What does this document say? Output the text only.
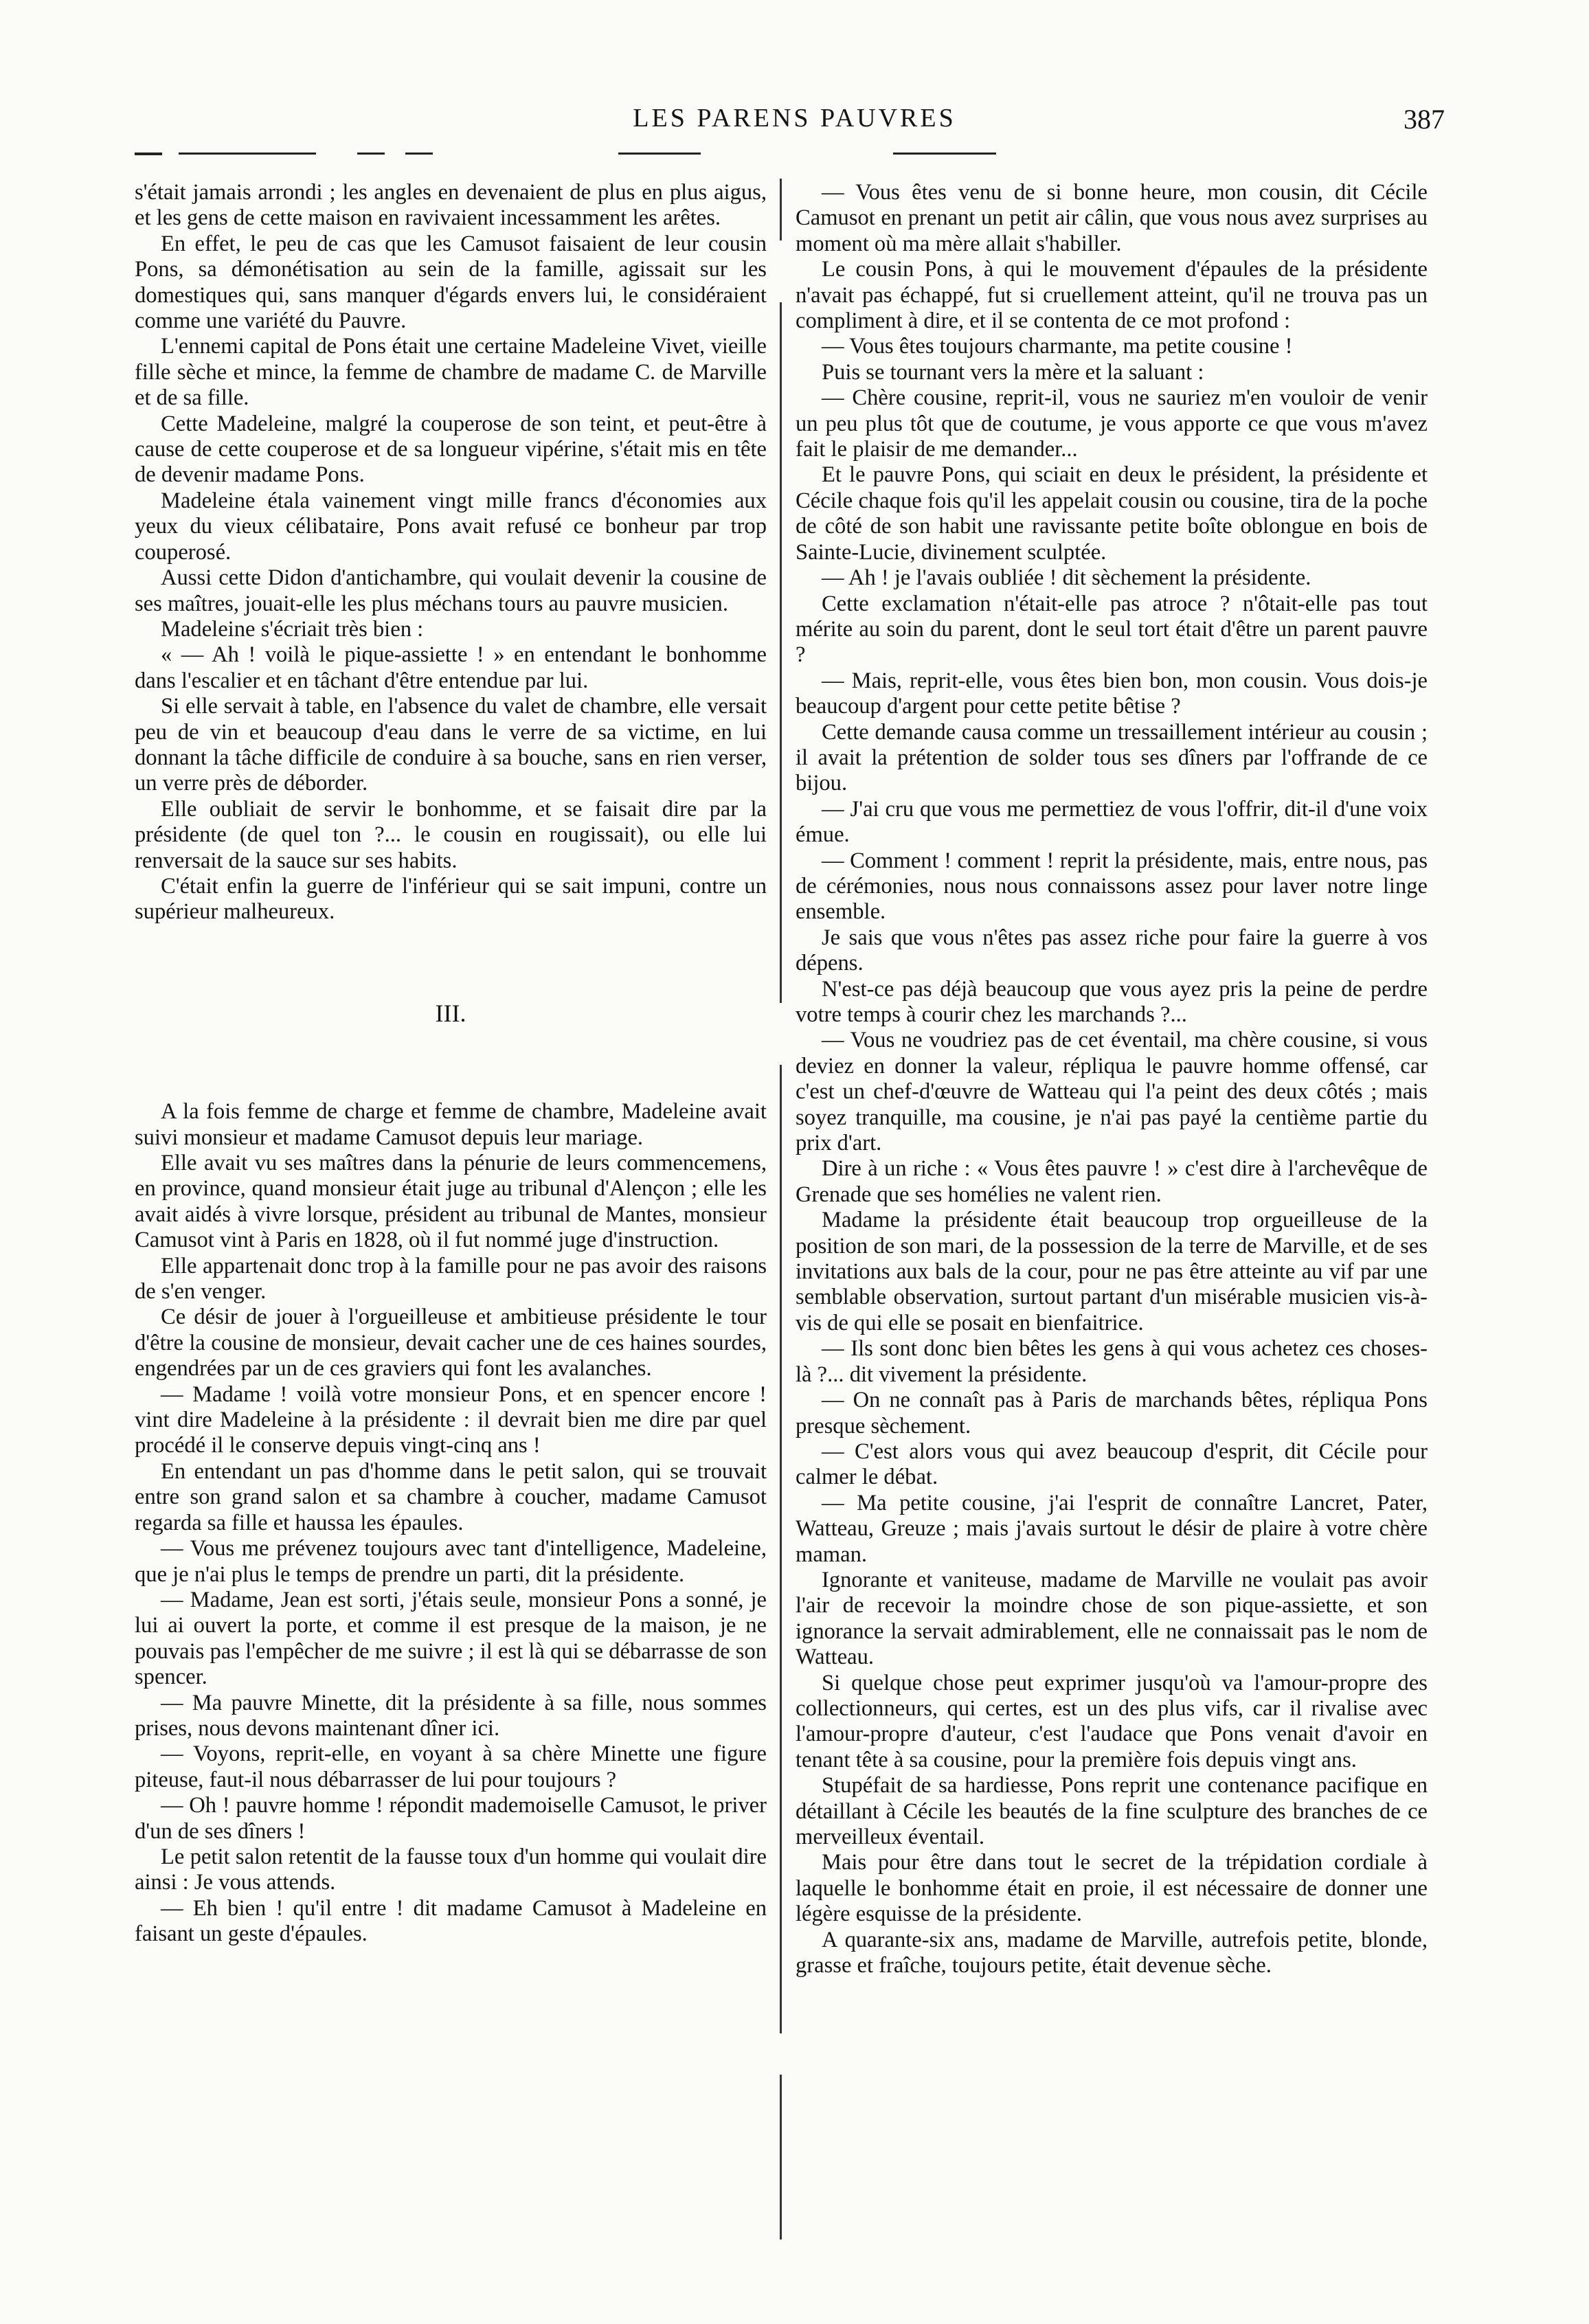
LES PARENS PAUVRES	387

s'était jamais arrondi ; les angles en devenaient de plus en plus aigus, et les gens de cette maison en ravivaient incessamment les arêtes.

En effet, le peu de cas que les Camusot faisaient de leur cousin Pons, sa démonétisation au sein de la famille, agissait sur les domestiques qui, sans manquer d'égards envers lui, le considéraient comme une variété du Pauvre.

L'ennemi capital de Pons était une certaine Madeleine Vivet, vieille fille sèche et mince, la femme de chambre de madame C. de Marville et de sa fille.

Cette Madeleine, malgré la couperose de son teint, et peut-être à cause de cette couperose et de sa longueur vipérine, s'était mis en tête de devenir madame Pons.

Madeleine étala vainement vingt mille francs d'économies aux yeux du vieux célibataire, Pons avait refusé ce bonheur par trop couperosé.

Aussi cette Didon d'antichambre, qui voulait devenir la cousine de ses maîtres, jouait-elle les plus méchans tours au pauvre musicien.

Madeleine s'écriait très bien :

« — Ah ! voilà le pique-assiette ! » en entendant le bonhomme dans l'escalier et en tâchant d'être entendue par lui.

Si elle servait à table, en l'absence du valet de chambre, elle versait peu de vin et beaucoup d'eau dans le verre de sa victime, en lui donnant la tâche difficile de conduire à sa bouche, sans en rien verser, un verre près de déborder.

Elle oubliait de servir le bonhomme, et se faisait dire par la présidente (de quel ton ?... le cousin en rougissait), ou elle lui renversait de la sauce sur ses habits.

C'était enfin la guerre de l'inférieur qui se sait impuni, contre un supérieur malheureux.

III.

A la fois femme de charge et femme de chambre, Madeleine avait suivi monsieur et madame Camusot depuis leur mariage.

Elle avait vu ses maîtres dans la pénurie de leurs commencemens, en province, quand monsieur était juge au tribunal d'Alençon ; elle les avait aidés à vivre lorsque, président au tribunal de Mantes, monsieur Camusot vint à Paris en 1828, où il fut nommé juge d'instruction.

Elle appartenait donc trop à la famille pour ne pas avoir des raisons de s'en venger.

Ce désir de jouer à l'orgueilleuse et ambitieuse présidente le tour d'être la cousine de monsieur, devait cacher une de ces haines sourdes, engendrées par un de ces graviers qui font les avalanches.

— Madame ! voilà votre monsieur Pons, et en spencer encore ! vint dire Madeleine à la présidente : il devrait bien me dire par quel procédé il le conserve depuis vingt-cinq ans !

En entendant un pas d'homme dans le petit salon, qui se trouvait entre son grand salon et sa chambre à coucher, madame Camusot regarda sa fille et haussa les épaules.

— Vous me prévenez toujours avec tant d'intelligence, Madeleine, que je n'ai plus le temps de prendre un parti, dit la présidente.

— Madame, Jean est sorti, j'étais seule, monsieur Pons a sonné, je lui ai ouvert la porte, et comme il est presque de la maison, je ne pouvais pas l'empêcher de me suivre ; il est là qui se débarrasse de son spencer.

— Ma pauvre Minette, dit la présidente à sa fille, nous sommes prises, nous devons maintenant dîner ici.

— Voyons, reprit-elle, en voyant à sa chère Minette une figure piteuse, faut-il nous débarrasser de lui pour toujours ?

— Oh ! pauvre homme ! répondit mademoiselle Camusot, le priver d'un de ses dîners !

Le petit salon retentit de la fausse toux d'un homme qui voulait dire ainsi : Je vous attends.

— Eh bien ! qu'il entre ! dit madame Camusot à Madeleine en faisant un geste d'épaules.

— Vous êtes venu de si bonne heure, mon cousin, dit Cécile Camusot en prenant un petit air câlin, que vous nous avez surprises au moment où ma mère allait s'habiller.

Le cousin Pons, à qui le mouvement d'épaules de la présidente n'avait pas échappé, fut si cruellement atteint, qu'il ne trouva pas un compliment à dire, et il se contenta de ce mot profond :

— Vous êtes toujours charmante, ma petite cousine !

Puis se tournant vers la mère et la saluant :

— Chère cousine, reprit-il, vous ne sauriez m'en vouloir de venir un peu plus tôt que de coutume, je vous apporte ce que vous m'avez fait le plaisir de me demander...

Et le pauvre Pons, qui sciait en deux le président, la présidente et Cécile chaque fois qu'il les appelait cousin ou cousine, tira de la poche de côté de son habit une ravissante petite boîte oblongue en bois de Sainte-Lucie, divinement sculptée.

— Ah ! je l'avais oubliée ! dit sèchement la présidente.

Cette exclamation n'était-elle pas atroce ? n'ôtait-elle pas tout mérite au soin du parent, dont le seul tort était d'être un parent pauvre ?

— Mais, reprit-elle, vous êtes bien bon, mon cousin. Vous dois-je beaucoup d'argent pour cette petite bêtise ?

Cette demande causa comme un tressaillement intérieur au cousin ; il avait la prétention de solder tous ses dîners par l'offrande de ce bijou.

— J'ai cru que vous me permettiez de vous l'offrir, dit-il d'une voix émue.

— Comment ! comment ! reprit la présidente, mais, entre nous, pas de cérémonies, nous nous connaissons assez pour laver notre linge ensemble.

Je sais que vous n'êtes pas assez riche pour faire la guerre à vos dépens.

N'est-ce pas déjà beaucoup que vous ayez pris la peine de perdre votre temps à courir chez les marchands ?...

— Vous ne voudriez pas de cet éventail, ma chère cousine, si vous deviez en donner la valeur, répliqua le pauvre homme offensé, car c'est un chef-d'œuvre de Watteau qui l'a peint des deux côtés ; mais soyez tranquille, ma cousine, je n'ai pas payé la centième partie du prix d'art.

Dire à un riche : « Vous êtes pauvre ! » c'est dire à l'archevêque de Grenade que ses homélies ne valent rien.

Madame la présidente était beaucoup trop orgueilleuse de la position de son mari, de la possession de la terre de Marville, et de ses invitations aux bals de la cour, pour ne pas être atteinte au vif par une semblable observation, surtout partant d'un misérable musicien vis-à-vis de qui elle se posait en bienfaitrice.

— Ils sont donc bien bêtes les gens à qui vous achetez ces choses-là ?... dit vivement la présidente.

— On ne connaît pas à Paris de marchands bêtes, répliqua Pons presque sèchement.

— C'est alors vous qui avez beaucoup d'esprit, dit Cécile pour calmer le débat.

— Ma petite cousine, j'ai l'esprit de connaître Lancret, Pater, Watteau, Greuze ; mais j'avais surtout le désir de plaire à votre chère maman.

Ignorante et vaniteuse, madame de Marville ne voulait pas avoir l'air de recevoir la moindre chose de son pique-assiette, et son ignorance la servait admirablement, elle ne connaissait pas le nom de Watteau.

Si quelque chose peut exprimer jusqu'où va l'amour-propre des collectionneurs, qui certes, est un des plus vifs, car il rivalise avec l'amour-propre d'auteur, c'est l'audace que Pons venait d'avoir en tenant tête à sa cousine, pour la première fois depuis vingt ans.

Stupéfait de sa hardiesse, Pons reprit une contenance pacifique en détaillant à Cécile les beautés de la fine sculpture des branches de ce merveilleux éventail.

Mais pour être dans tout le secret de la trépidation cordiale à laquelle le bonhomme était en proie, il est nécessaire de donner une légère esquisse de la présidente.

A quarante-six ans, madame de Marville, autrefois petite, blonde, grasse et fraîche, toujours petite, était devenue sèche.
